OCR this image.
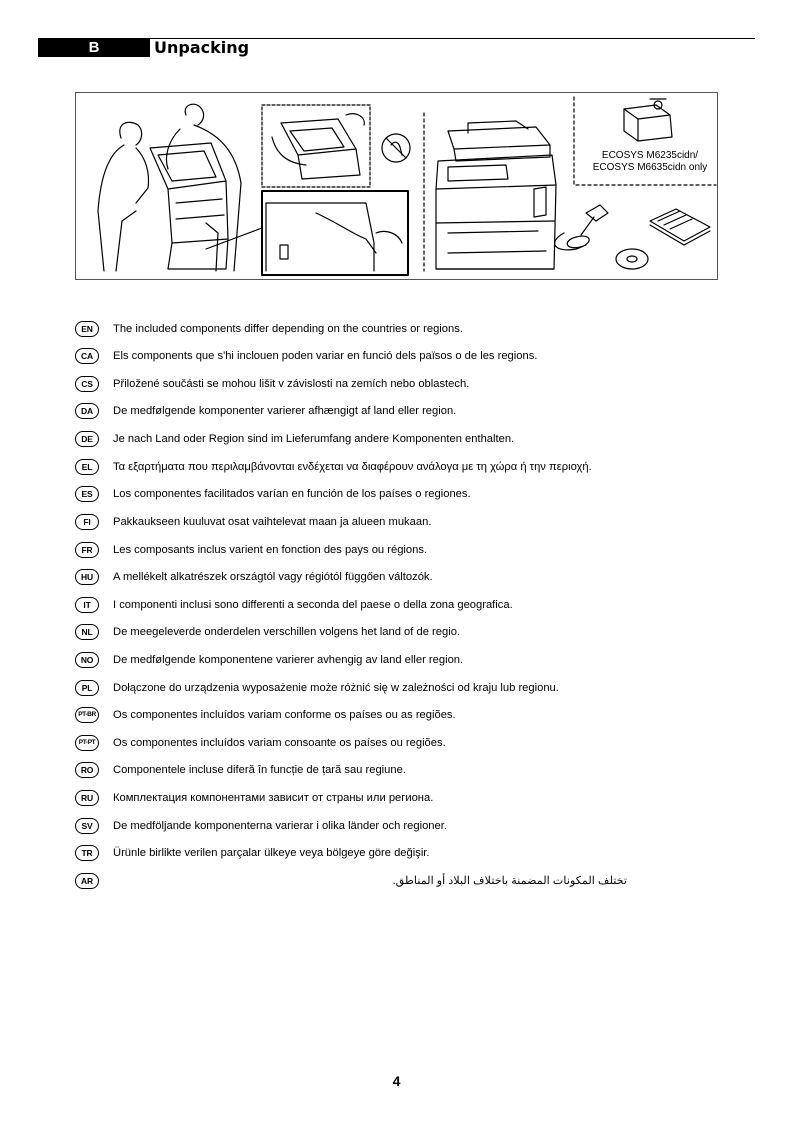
B	Unpacking
ECOSYS M6235cidn/
ECOSYS M6635cidn only
EN	The included components differ depending on the countries or regions.
CA	Els components que s'hi inclouen poden variar en funció dels països o de les regions.
CS	Přiložené součásti se mohou lišit v závislosti na zemích nebo oblastech.
DA	De medfølgende komponenter varierer afhængigt af land eller region.
DE	Je nach Land oder Region sind im Lieferumfang andere Komponenten enthalten.
EL	Τα εξαρτήματα που περιλαμβάνονται ενδέχεται να διαφέρουν ανάλογα με τη χώρα ή την περιοχή.
ES	Los componentes facilitados varían en función de los países o regiones.
FI	Pakkaukseen kuuluvat osat vaihtelevat maan ja alueen mukaan.
FR	Les composants inclus varient en fonction des pays ou régions.
HU	A mellékelt alkatrészek országtól vagy régiótól függően változók.
IT	I componenti inclusi sono differenti a seconda del paese o della zona geografica.
NL	De meegeleverde onderdelen verschillen volgens het land of de regio.
NO	De medfølgende komponentene varierer avhengig av land eller region.
PL	Dołączone do urządzenia wyposażenie może różnić się w zależności od kraju lub regionu.
PT-BR Os componentes incluídos variam conforme os países ou as regiões.
PT-PT	Os componentes incluídos variam consoante os países ou regiões.
RO	Componentele incluse diferă în funcție de țară sau regiune.
RU	Комплектация компонентами зависит от страны или региона.
SV	De medföljande komponenterna varierar i olika länder och regioner.
TR	Ürünle birlikte verilen parçalar ülkeye veya bölgeye göre değişir.
AR	تختلف المكونات المضمنة باختلاف البلاد أو المناطق.
4
